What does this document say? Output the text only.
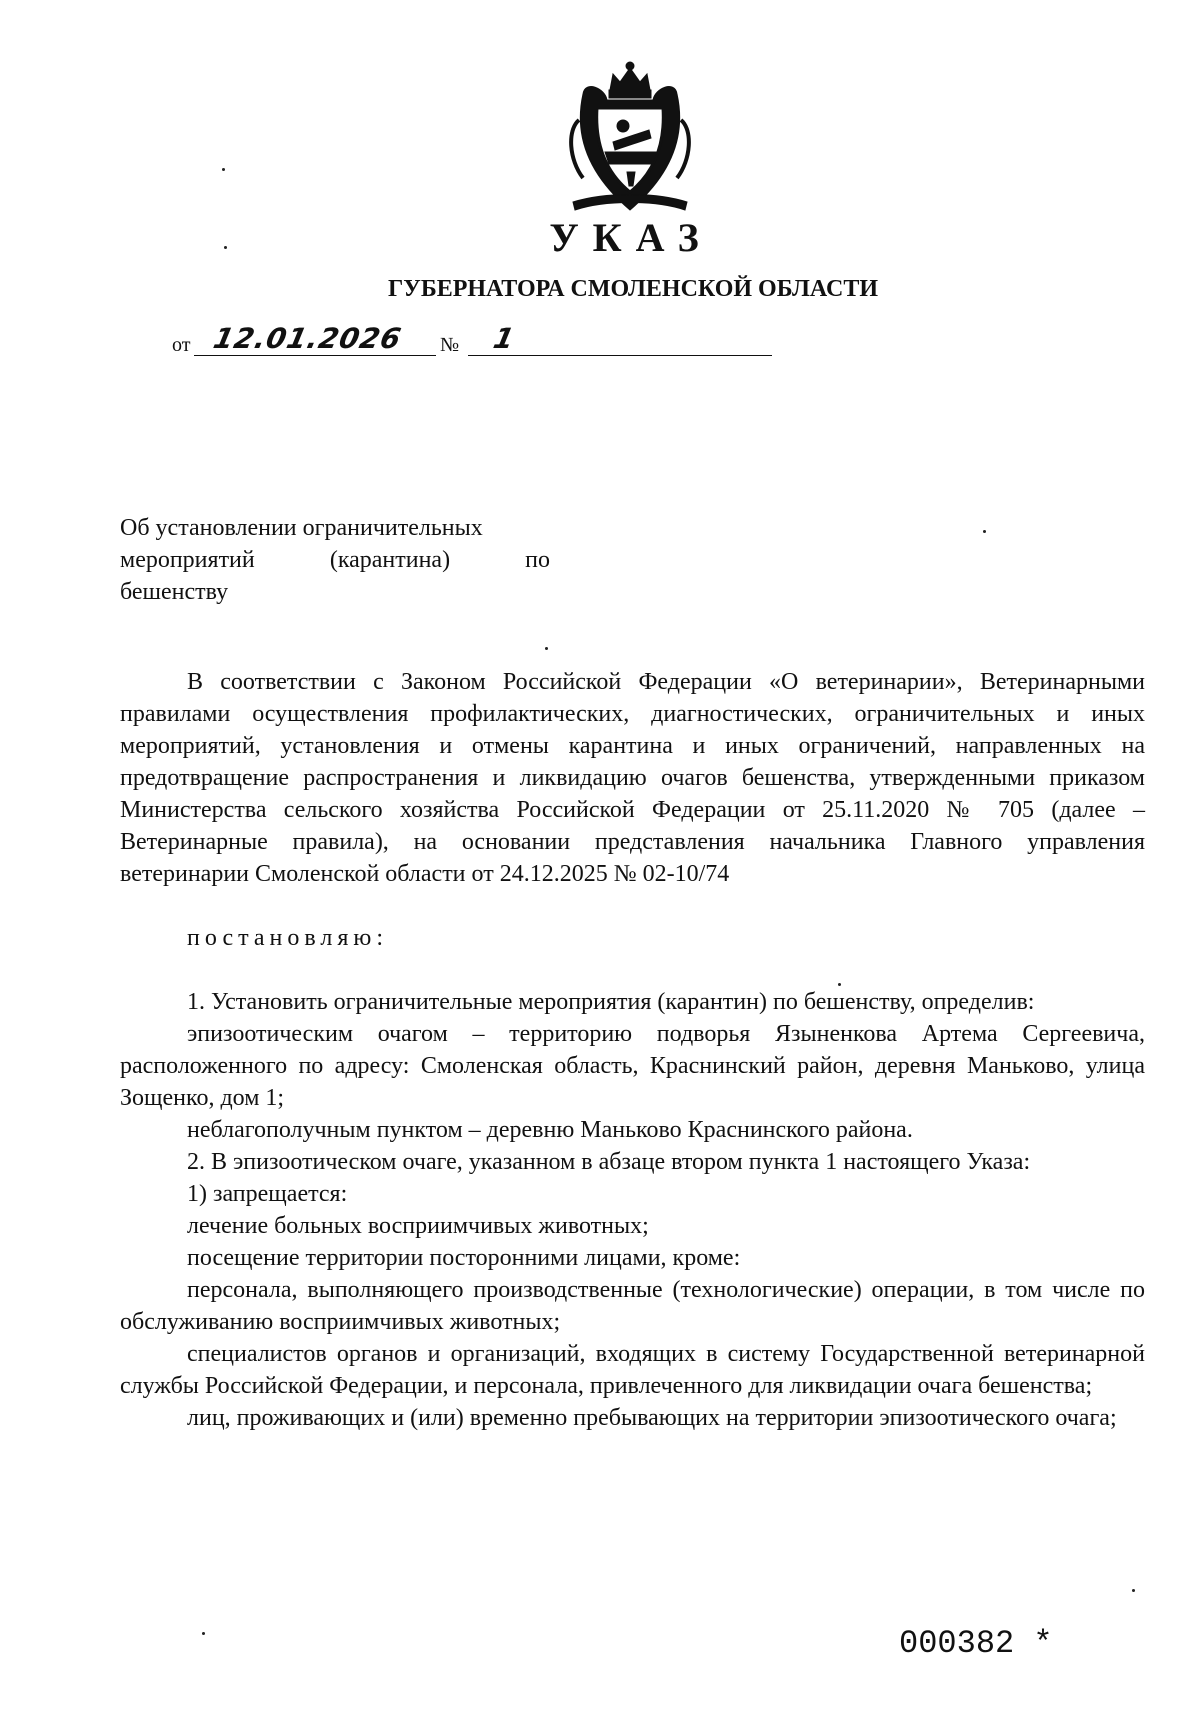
УКАЗ
ГУБЕРНАТОРА СМОЛЕНСКОЙ ОБЛАСТИ
от 12.01.2026 № 1
Об установлении ограничительных
мероприятий (карантина) по
бешенству

В соответствии с Законом Российской Федерации «О ветеринарии», Ветеринарными правилами осуществления профилактических, диагностических, ограничительных и иных мероприятий, установления и отмены карантина и иных ограничений, направленных на предотвращение распространения и ликвидацию очагов бешенства, утвержденными приказом Министерства сельского хозяйства Российской Федерации от 25.11.2020 № 705 (далее – Ветеринарные правила), на основании представления начальника Главного управления ветеринарии Смоленской области от 24.12.2025 № 02-10/74

постановляю:

1. Установить ограничительные мероприятия (карантин) по бешенству, определив:

эпизоотическим очагом – территорию подворья Языненкова Артема Сергеевича, расположенного по адресу: Смоленская область, Краснинский район, деревня Маньково, улица Зощенко, дом 1;

неблагополучным пунктом – деревню Маньково Краснинского района.

2. В эпизоотическом очаге, указанном в абзаце втором пункта 1 настоящего Указа:

1) запрещается:

лечение больных восприимчивых животных;

посещение территории посторонними лицами, кроме:

персонала, выполняющего производственные (технологические) операции, в том числе по обслуживанию восприимчивых животных;

специалистов органов и организаций, входящих в систему Государственной ветеринарной службы Российской Федерации, и персонала, привлеченного для ликвидации очага бешенства;

лиц, проживающих и (или) временно пребывающих на территории эпизоотического очага;

000382 *
